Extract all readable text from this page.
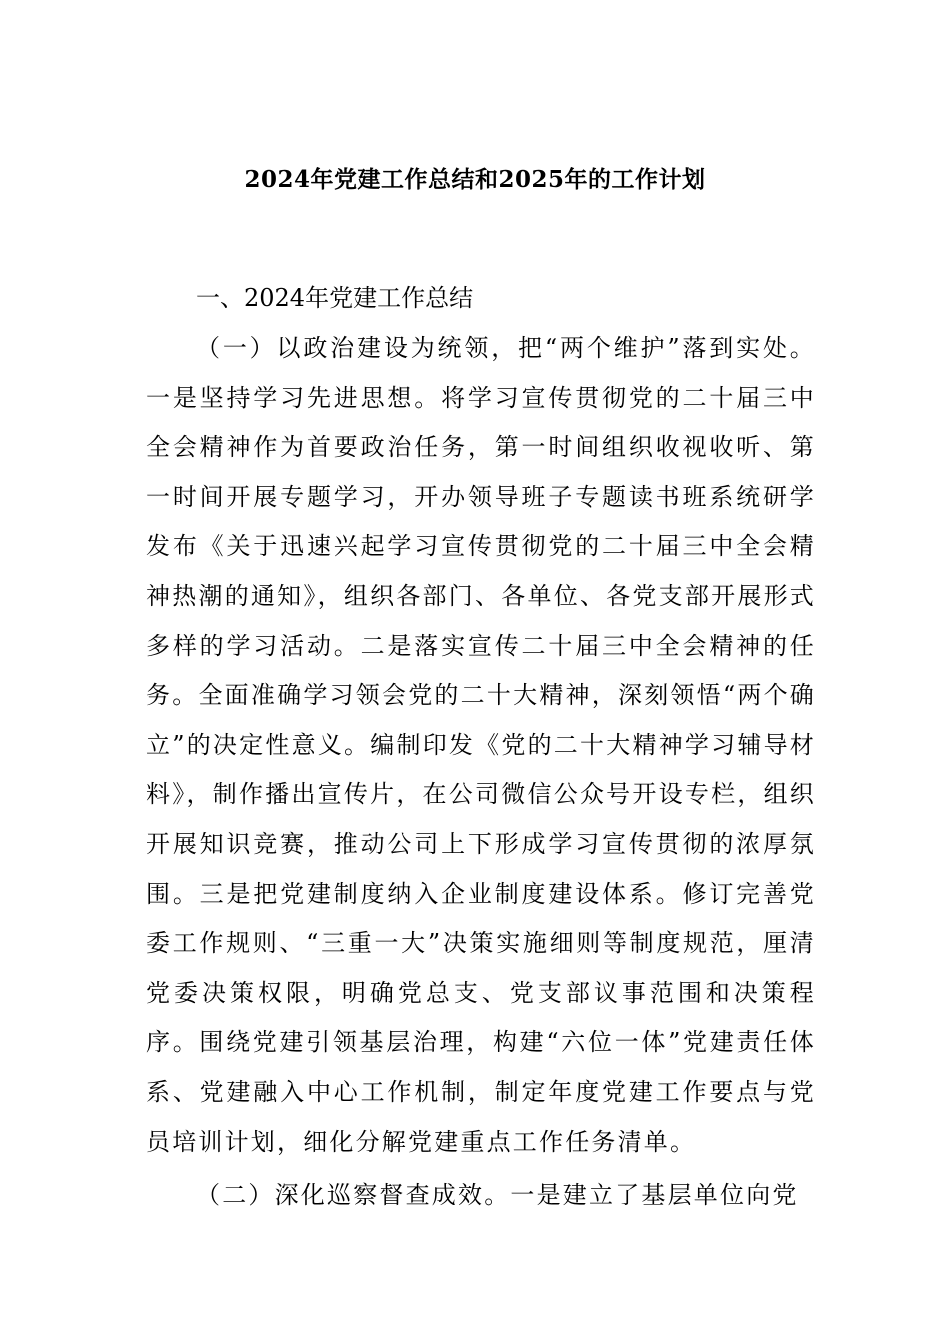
2024年党建工作总结和2025年的工作计划
一、2024年党建工作总结

（一）以政治建设为统领，把“两个维护”落到实处。一是坚持学习先进思想。将学习宣传贯彻党的二十届三中全会精神作为首要政治任务，第一时间组织收视收听、第一时间开展专题学习，开办领导班子专题读书班系统研学发布《关于迅速兴起学习宣传贯彻党的二十届三中全会精神热潮的通知》，组织各部门、各单位、各党支部开展形式多样的学习活动。二是落实宣传二十届三中全会精神的任务。全面准确学习领会党的二十大精神，深刻领悟“两个确立”的决定性意义。编制印发《党的二十大精神学习辅导材料》，制作播出宣传片，在公司微信公众号开设专栏，组织开展知识竞赛，推动公司上下形成学习宣传贯彻的浓厚氛围。三是把党建制度纳入企业制度建设体系。修订完善党委工作规则、“三重一大”决策实施细则等制度规范，厘清党委决策权限，明确党总支、党支部议事范围和决策程序。围绕党建引领基层治理，构建“六位一体”党建责任体系、党建融入中心工作机制，制定年度党建工作要点与党员培训计划，细化分解党建重点工作任务清单。

（二）深化巡察督查成效。一是建立了基层单位向党
